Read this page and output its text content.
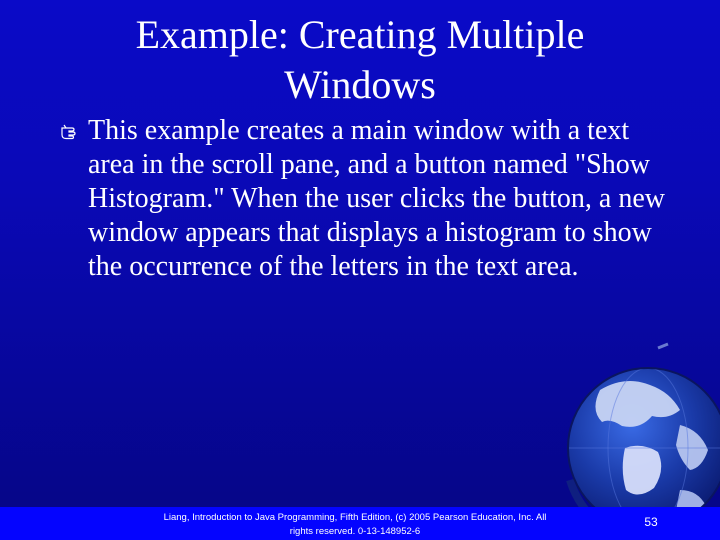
Example: Creating Multiple
Windows
This example creates a main window with a text area in the scroll pane, and a button named "Show Histogram." When the user clicks the button, a new window appears that displays a histogram to show the occurrence of the letters in the text area.
Liang, Introduction to Java Programming, Fifth Edition, (c) 2005 Pearson Education, Inc. All
rights reserved. 0-13-148952-6
53
